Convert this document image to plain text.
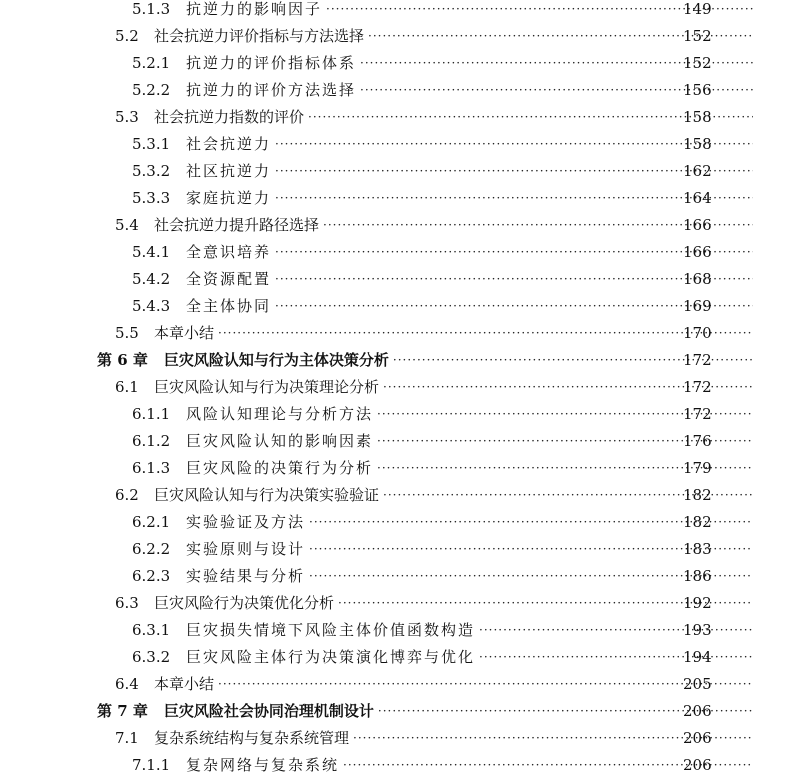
5.1.3 抗逆力的影响因子 ·····	149
5.2 社会抗逆力评价指标与方法选择 ·····	152
5.2.1 抗逆力的评价指标体系 ·····	152
5.2.2 抗逆力的评价方法选择 ·····	156
5.3 社会抗逆力指数的评价 ·····	158
5.3.1 社会抗逆力 ·····	158
5.3.2 社区抗逆力 ·····	162
5.3.3 家庭抗逆力 ·····	164
5.4 社会抗逆力提升路径选择 ·····	166
5.4.1 全意识培养 ·····	166
5.4.2 全资源配置 ·····	168
5.4.3 全主体协同 ·····	169
5.5 本章小结 ·····	170
第 6 章 巨灾风险认知与行为主体决策分析 ·····	172
6.1 巨灾风险认知与行为决策理论分析 ·····	172
6.1.1 风险认知理论与分析方法 ·····	172
6.1.2 巨灾风险认知的影响因素 ·····	176
6.1.3 巨灾风险的决策行为分析 ·····	179
6.2 巨灾风险认知与行为决策实验验证 ·····	182
6.2.1 实验验证及方法 ·····	182
6.2.2 实验原则与设计 ·····	183
6.2.3 实验结果与分析 ·····	186
6.3 巨灾风险行为决策优化分析 ·····	192
6.3.1 巨灾损失情境下风险主体价值函数构造 ·····	193
6.3.2 巨灾风险主体行为决策演化博弈与优化 ·····	194
6.4 本章小结 ·····	205
第 7 章 巨灾风险社会协同治理机制设计 ·····	206
7.1 复杂系统结构与复杂系统管理 ·····	206
7.1.1 复杂网络与复杂系统 ·····	206
